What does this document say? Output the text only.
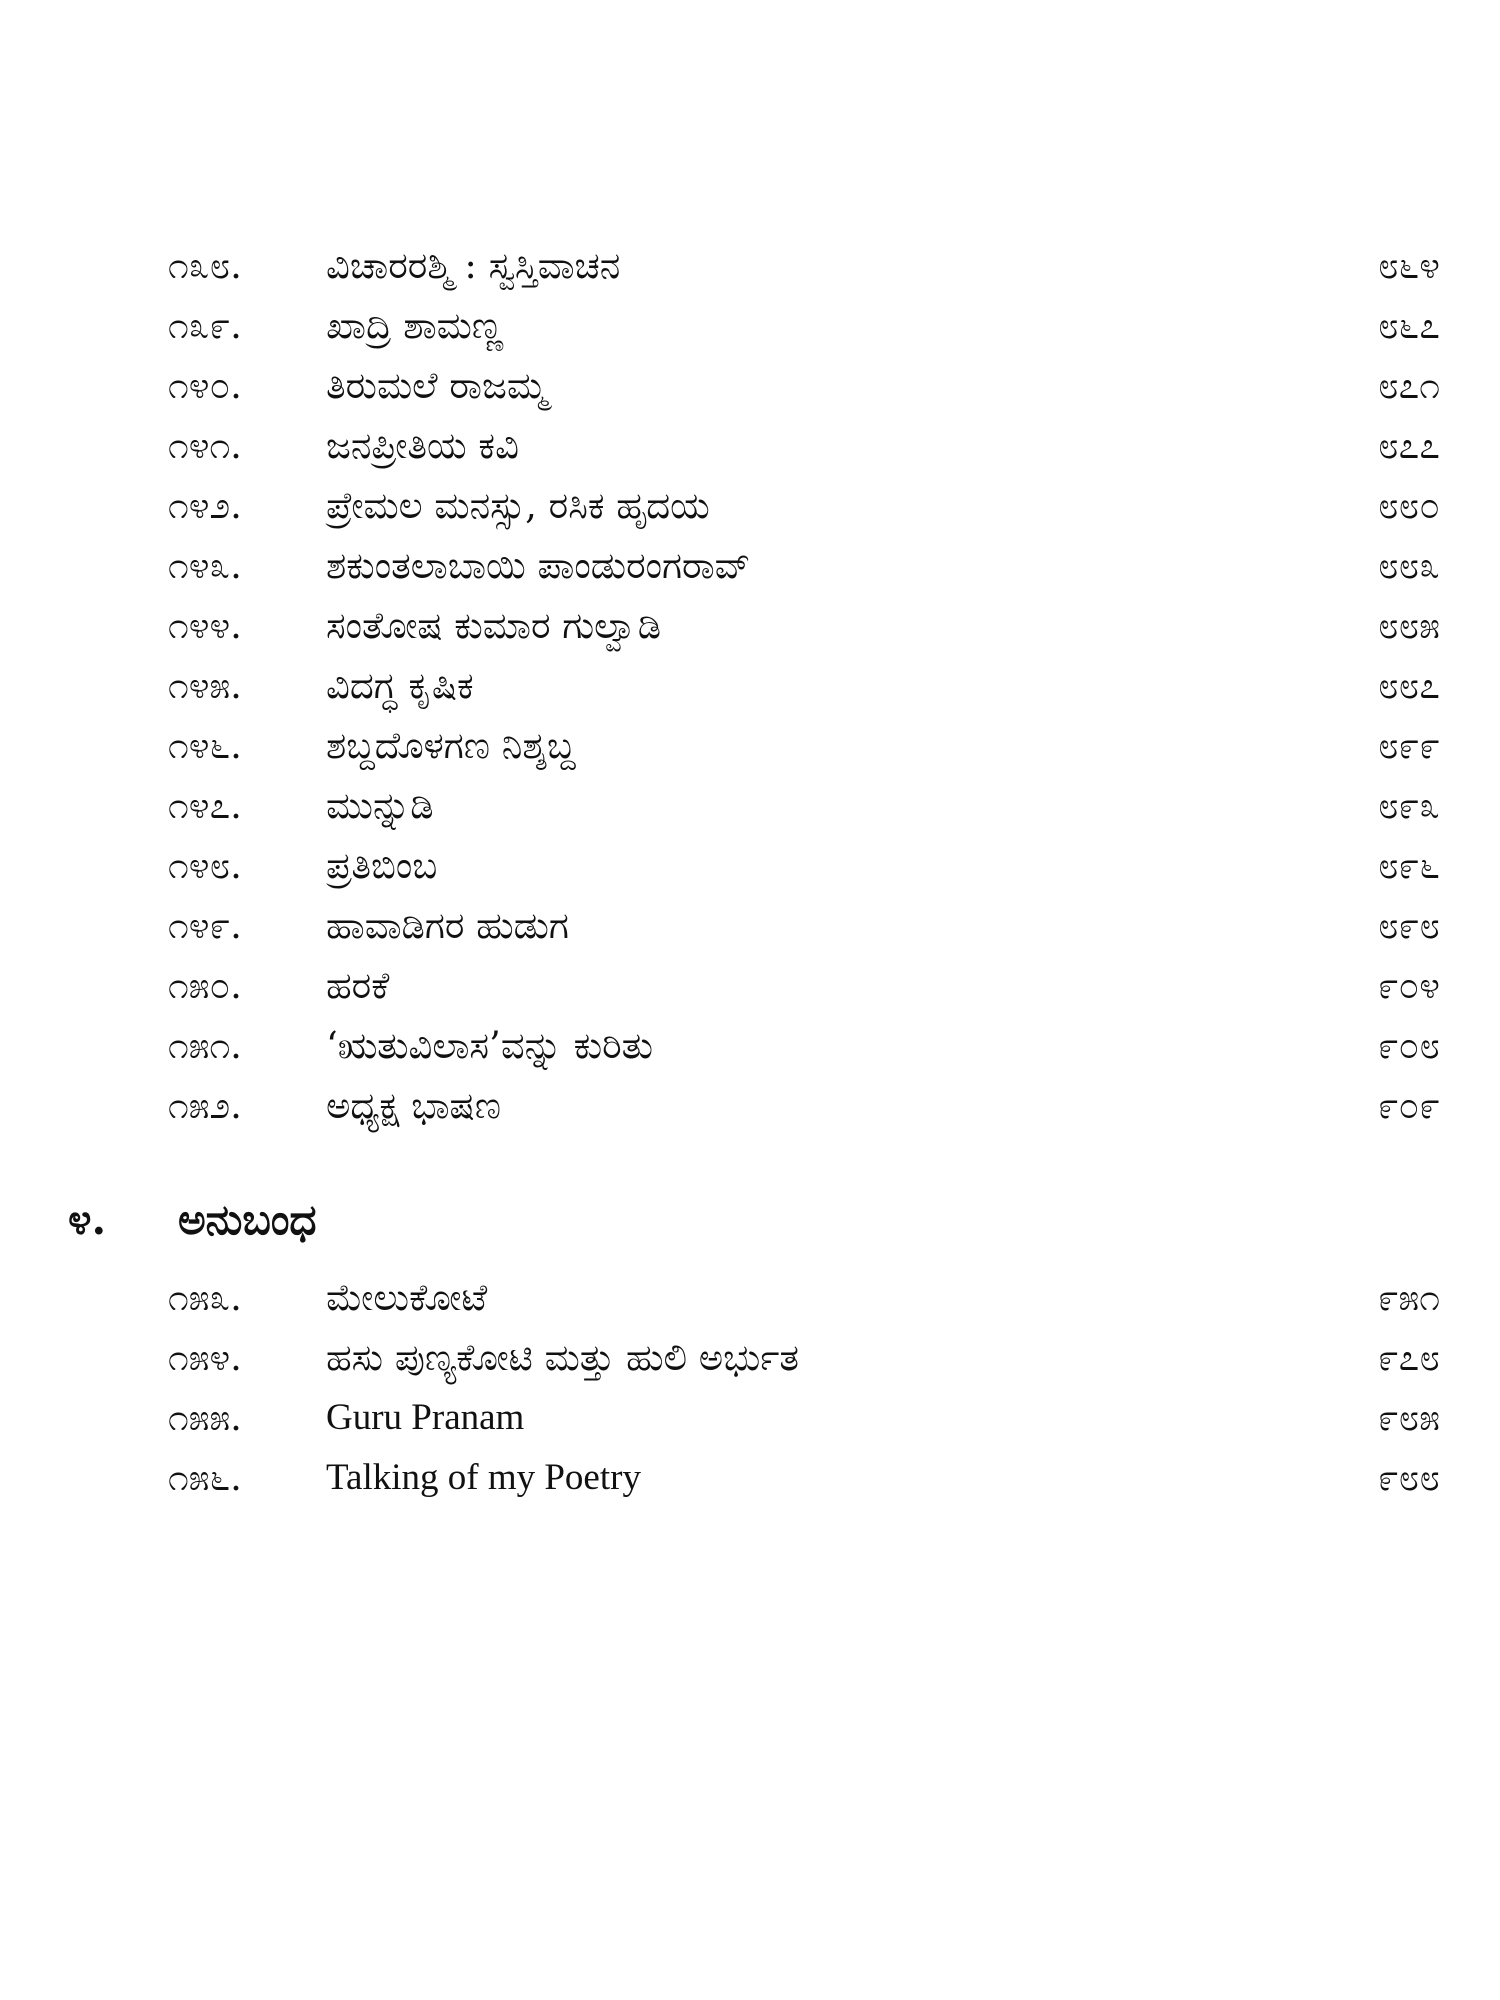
೧೩೮.	ವಿಚಾರರಶ್ಮಿ : ಸ್ವಸ್ತಿವಾಚನ	೮೬೪
೧೩೯.	ಖಾದ್ರಿ ಶಾಮಣ್ಣ	೮೬೭
೧೪೦.	ತಿರುಮಲೆ ರಾಜಮ್ಮ	೮೭೧
೧೪೧.	ಜನಪ್ರೀತಿಯ ಕವಿ	೮೭೭
೧೪೨.	ಪ್ರೇಮಲ ಮನಸ್ಸು, ರಸಿಕ ಹೃದಯ	೮೮೦
೧೪೩.	ಶಕುಂತಲಾಬಾಯಿ ಪಾಂಡುರಂಗರಾವ್	೮೮೩
೧೪೪.	ಸಂತೋಷ ಕುಮಾರ ಗುಲ್ವಾಡಿ	೮೮೫
೧೪೫.	ವಿದಗ್ಧ ಕೃಷಿಕ	೮೮೭
೧೪೬.	ಶಬ್ದದೊಳಗಣ ನಿಶ್ಶಬ್ದ	೮೯೯
೧೪೭.	ಮುನ್ನುಡಿ	೮೯೩
೧೪೮.	ಪ್ರತಿಬಿಂಬ	೮೯೬
೧೪೯.	ಹಾವಾಡಿಗರ ಹುಡುಗ	೮೯೮
೧೫೦.	ಹರಕೆ	೯೦೪
೧೫೧.	‘ಋತುವಿಲಾಸ’ವನ್ನು ಕುರಿತು	೯೦೮
೧೫೨.	ಅಧ್ಯಕ್ಷ ಭಾಷಣ	೯೦೯
೪. ಅನುಬಂಧ
೧೫೩.	ಮೇಲುಕೋಟೆ	೯೫೧
೧೫೪.	ಹಸು ಪುಣ್ಯಕೋಟಿ ಮತ್ತು ಹುಲಿ ಅರ್ಭುತ	೯೭೮
೧೫೫.	Guru Pranam	೯೮೫
೧೫೬.	Talking of my Poetry	೯೮೮
